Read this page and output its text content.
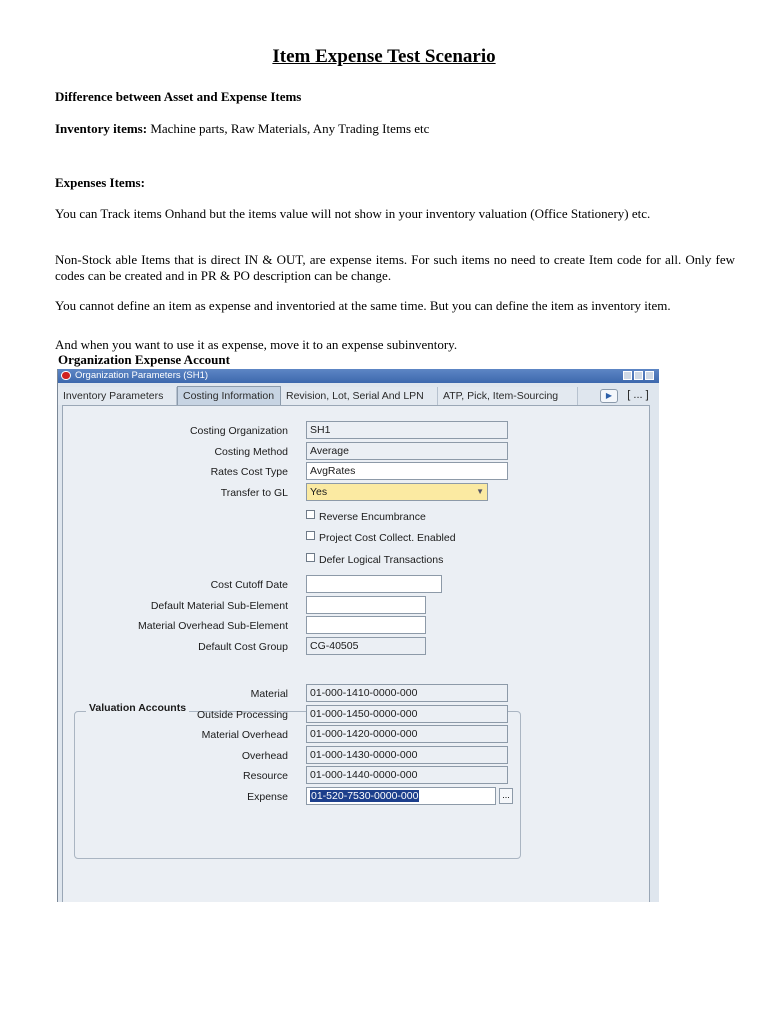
Item Expense Test Scenario
Difference between Asset and Expense Items
Inventory items: Machine parts, Raw Materials, Any Trading Items etc
Expenses Items:
You can Track items Onhand but the items value will not show in your inventory valuation (Office Stationery) etc.
Non-Stock able Items that is direct IN & OUT, are expense items. For such items no need to create Item code for all. Only few codes can be created and in PR & PO description can be change.
You cannot define an item as expense and inventoried at the same time. But you can define the item as inventory item.
And when you want to use it as expense, move it to an expense subinventory.
Organization Expense Account
Organization Parameters (SH1)
Inventory Parameters	Costing Information	Revision, Lot, Serial And LPN	ATP, Pick, Item-Sourcing	▶	[ ... ]
Costing Organization	SH1
Costing Method	Average
Rates Cost Type	AvgRates
Transfer to GL	Yes	▼
Reverse Encumbrance
Project Cost Collect. Enabled
Defer Logical Transactions
Cost Cutoff Date
Default Material Sub-Element
Material Overhead Sub-Element
Default Cost Group	CG-40505
Valuation Accounts
Material	01-000-1410-0000-000
Outside Processing	01-000-1450-0000-000
Material Overhead	01-000-1420-0000-000
Overhead	01-000-1430-0000-000
Resource	01-000-1440-0000-000
Expense	01-520-7530-0000-000	...
